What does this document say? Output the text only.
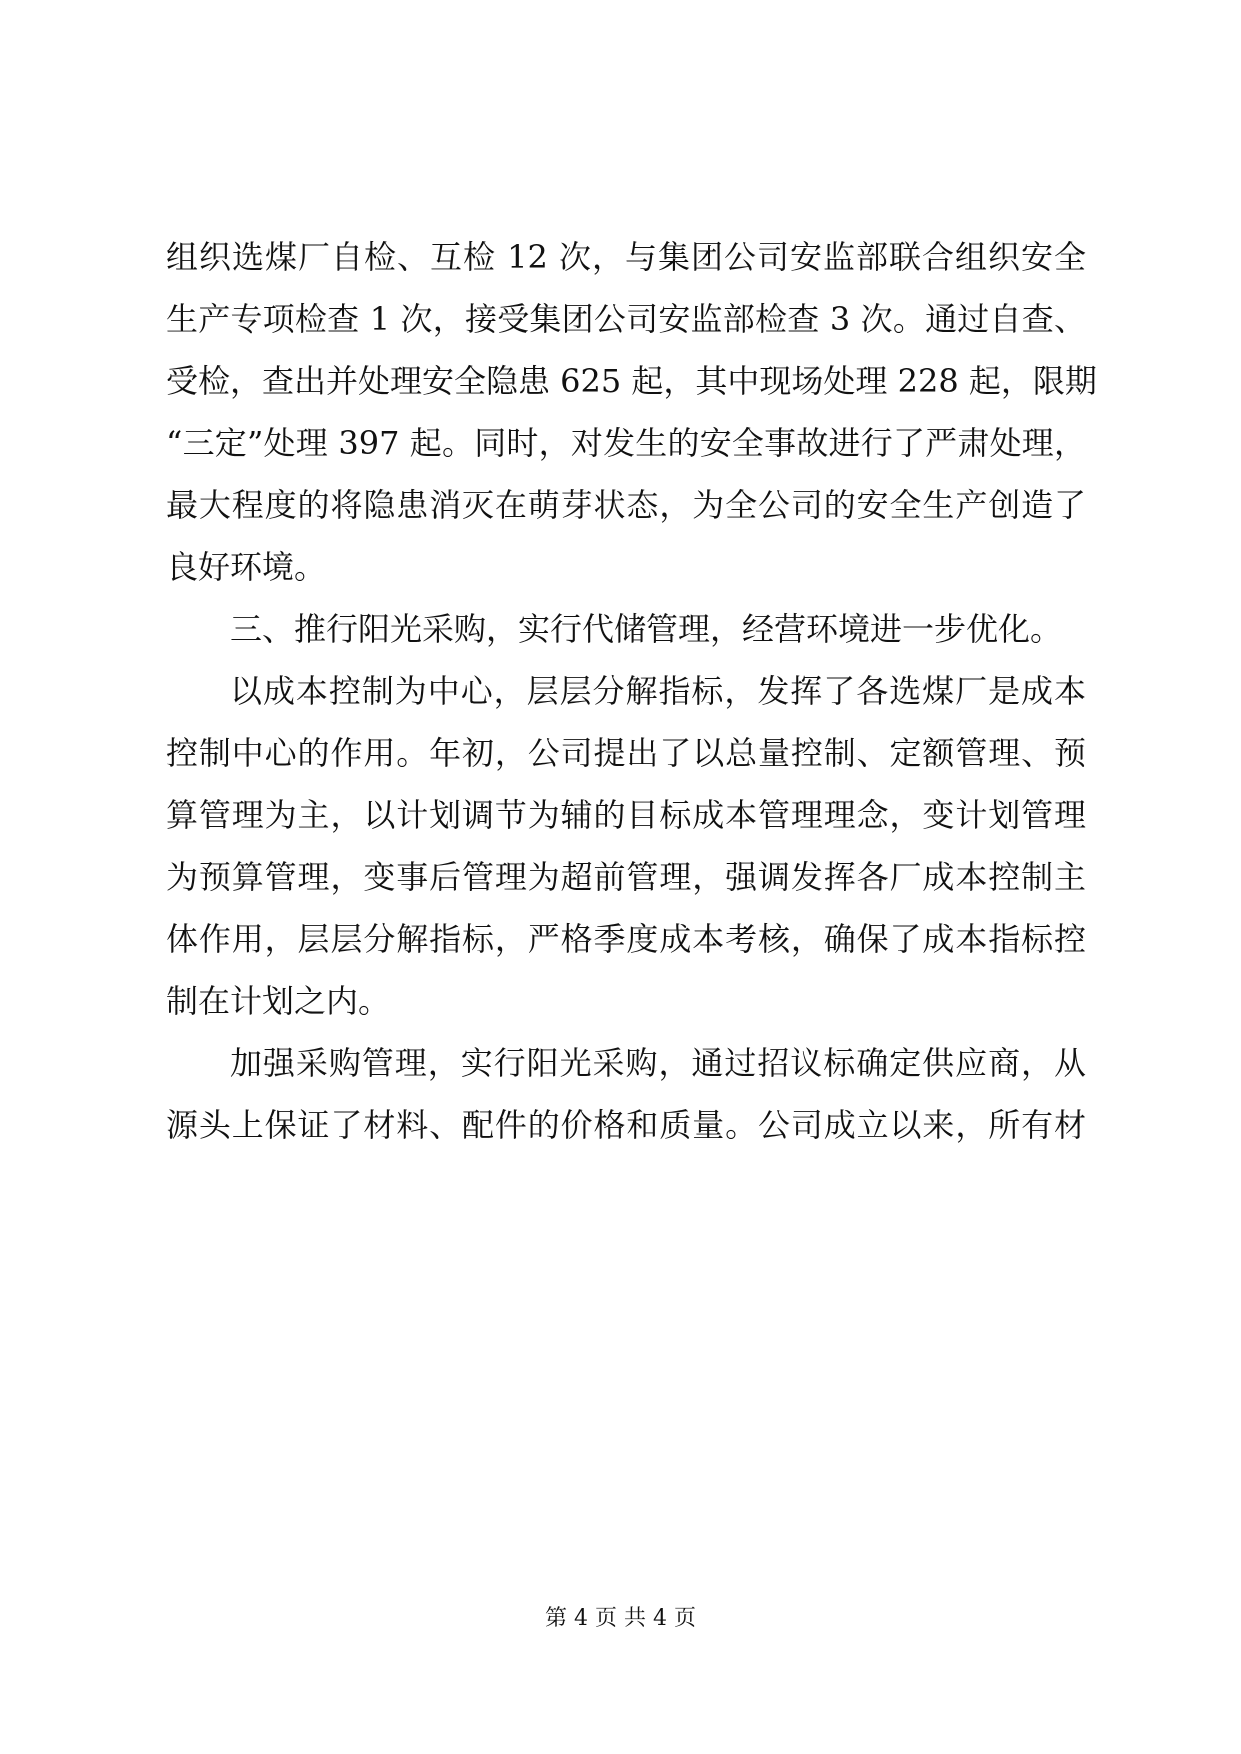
组织选煤厂自检、互检 12 次，与集团公司安监部联合组织安全
生产专项检查 1 次，接受集团公司安监部检查 3 次。通过自查、
受检，查出并处理安全隐患 625 起，其中现场处理 228 起，限期
“三定”处理 397 起。同时，对发生的安全事故进行了严肃处理，
最大程度的将隐患消灭在萌芽状态，为全公司的安全生产创造了
良好环境。
三、推行阳光采购，实行代储管理，经营环境进一步优化。
以成本控制为中心，层层分解指标，发挥了各选煤厂是成本
控制中心的作用。年初，公司提出了以总量控制、定额管理、预
算管理为主，以计划调节为辅的目标成本管理理念，变计划管理
为预算管理，变事后管理为超前管理，强调发挥各厂成本控制主
体作用，层层分解指标，严格季度成本考核，确保了成本指标控
制在计划之内。
加强采购管理，实行阳光采购，通过招议标确定供应商，从
源头上保证了材料、配件的价格和质量。公司成立以来，所有材
第 4 页 共 4 页
